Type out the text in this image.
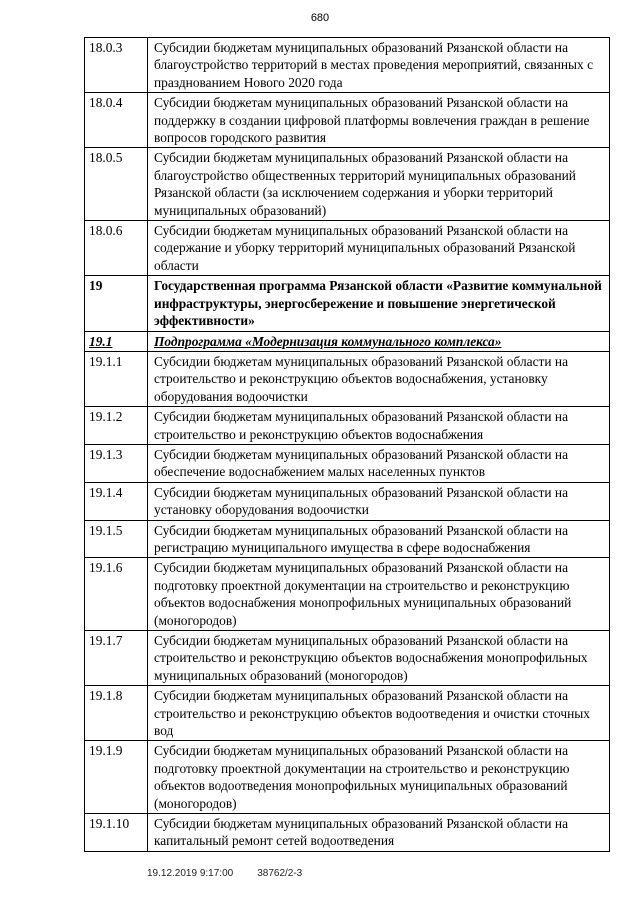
680
18.0.3	Субсидии бюджетам муниципальных образований Рязанской области на благоустройство территорий в местах проведения мероприятий, связанных с празднованием Нового 2020 года
18.0.4	Субсидии бюджетам муниципальных образований Рязанской области на поддержку в создании цифровой платформы вовлечения граждан в решение вопросов городского развития
18.0.5	Субсидии бюджетам муниципальных образований Рязанской области на благоустройство общественных территорий муниципальных образований Рязанской области (за исключением содержания и уборки территорий муниципальных образований)
18.0.6	Субсидии бюджетам муниципальных образований Рязанской области на содержание и уборку территорий муниципальных образований Рязанской области
19	Государственная программа Рязанской области «Развитие коммунальной инфраструктуры, энергосбережение и повышение энергетической эффективности»
19.1	Подпрограмма «Модернизация коммунального комплекса»
19.1.1	Субсидии бюджетам муниципальных образований Рязанской области на строительство и реконструкцию объектов водоснабжения, установку оборудования водоочистки
19.1.2	Субсидии бюджетам муниципальных образований Рязанской области на строительство и реконструкцию объектов водоснабжения
19.1.3	Субсидии бюджетам муниципальных образований Рязанской области на обеспечение водоснабжением малых населенных пунктов
19.1.4	Субсидии бюджетам муниципальных образований Рязанской области на установку оборудования водоочистки
19.1.5	Субсидии бюджетам муниципальных образований Рязанской области на регистрацию муниципального имущества в сфере водоснабжения
19.1.6	Субсидии бюджетам муниципальных образований Рязанской области на подготовку проектной документации на строительство и реконструкцию объектов водоснабжения монопрофильных муниципальных образований (моногородов)
19.1.7	Субсидии бюджетам муниципальных образований Рязанской области на строительство и реконструкцию объектов водоснабжения монопрофильных муниципальных образований (моногородов)
19.1.8	Субсидии бюджетам муниципальных образований Рязанской области на строительство и реконструкцию объектов водоотведения и очистки сточных вод
19.1.9	Субсидии бюджетам муниципальных образований Рязанской области на подготовку проектной документации на строительство и реконструкцию объектов водоотведения монопрофильных муниципальных образований (моногородов)
19.1.10	Субсидии бюджетам муниципальных образований Рязанской области на капитальный ремонт сетей водоотведения
19.12.2019 9:17:00 38762/2-3
